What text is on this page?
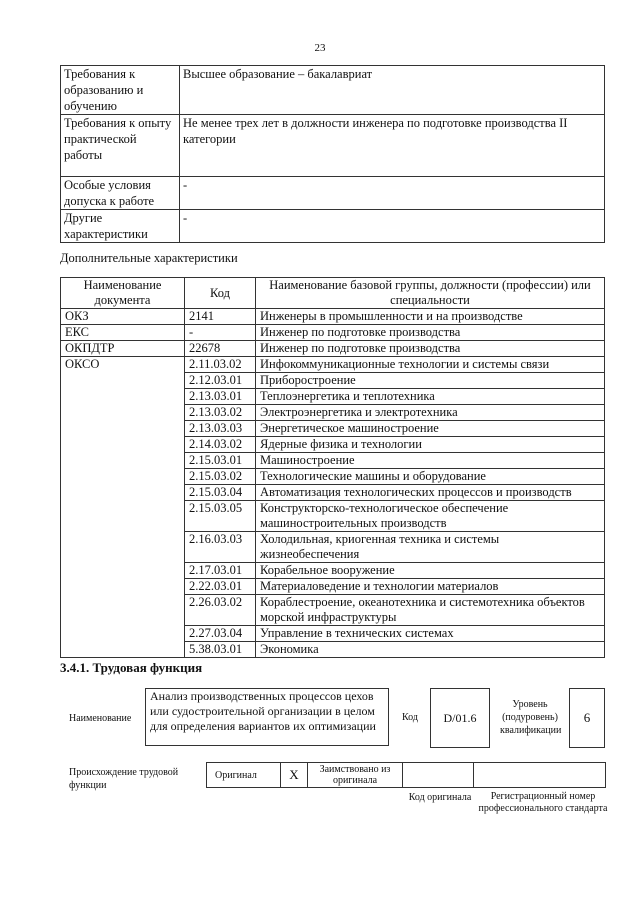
23
Требования к образованию и обучению	Высшее образование – бакалавриат
Требования к опыту практической работы	Не менее трех лет в должности инженера по подготовке производства II категории
Особые условия допуска к работе	-
Другие характеристики	-
Дополнительные характеристики
Наименование документа	Код	Наименование базовой группы, должности (профессии) или специальности
ОКЗ	2141	Инженеры в промышленности и на производстве
ЕКС	-	Инженер по подготовке производства
ОКПДТР	22678	Инженер по подготовке производства
ОКСО	2.11.03.02	Инфокоммуникационные технологии и системы связи
	2.12.03.01	Приборостроение
	2.13.03.01	Теплоэнергетика и теплотехника
	2.13.03.02	Электроэнергетика и электротехника
	2.13.03.03	Энергетическое машиностроение
	2.14.03.02	Ядерные физика и технологии
	2.15.03.01	Машиностроение
	2.15.03.02	Технологические машины и оборудование
	2.15.03.04	Автоматизация технологических процессов и производств
	2.15.03.05	Конструкторско-технологическое обеспечение машиностроительных производств
	2.16.03.03	Холодильная, криогенная техника и системы жизнеобеспечения
	2.17.03.01	Корабельное вооружение
	2.22.03.01	Материаловедение и технологии материалов
	2.26.03.02	Кораблестроение, океанотехника и системотехника объектов морской инфраструктуры
	2.27.03.04	Управление в технических системах
	5.38.03.01	Экономика
3.4.1. Трудовая функция
Наименование
Анализ производственных процессов цехов или судостроительной организации в целом для определения вариантов их оптимизации
Код	D/01.6
Уровень (подуровень) квалификации
6
Происхождение трудовой функции
Оригинал	X	Заимствовано из оригинала		
Код оригинала	Регистрационный номер профессионального стандарта
